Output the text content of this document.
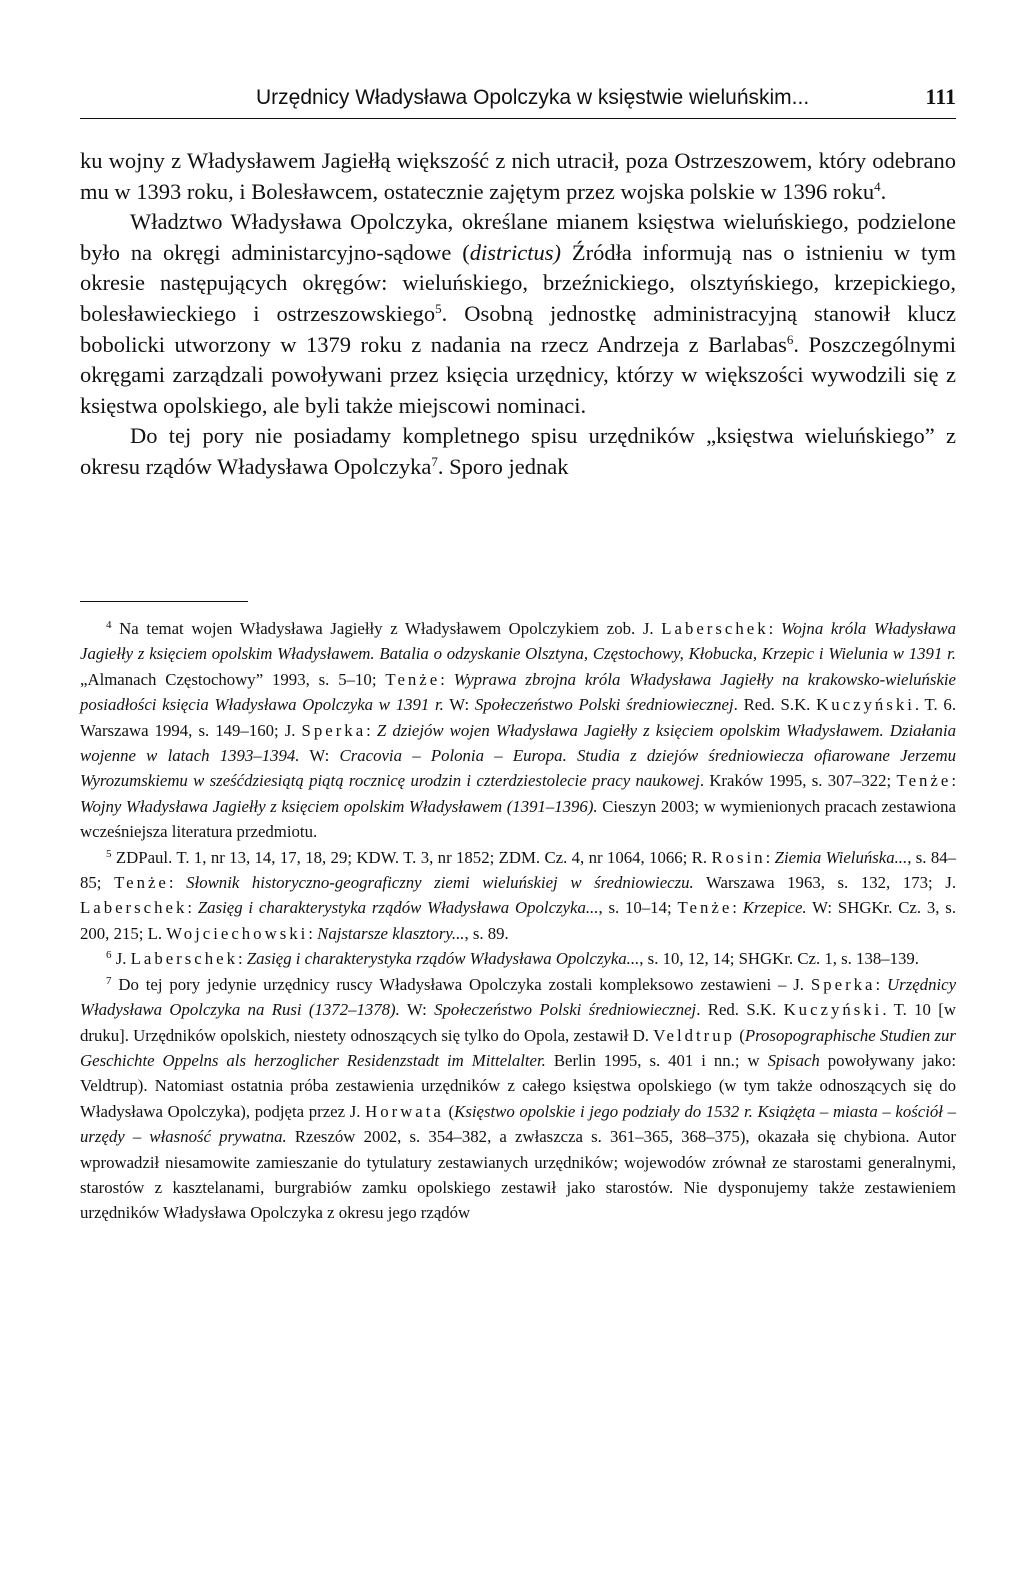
Urzędnicy Władysława Opolczyka w księstwie wieluńskim...	111

ku wojny z Władysławem Jagiełłą większość z nich utracił, poza Ostrzeszowem, który odebrano mu w 1393 roku, i Bolesławcem, ostatecznie zajętym przez wojska polskie w 1396 roku$^4$.

Władztwo Władysława Opolczyka, określane mianem księstwa wieluńskiego, podzielone było na okręgi administarcyjno-sądowe (districtus) Źródła informują nas o istnieniu w tym okresie następujących okręgów: wieluńskiego, brzeźnickiego, olsztyńskiego, krzepickiego, bolesławieckiego i ostrzeszowskiego$^5$. Osobną jednostkę administracyjną stanowił klucz bobolicki utworzony w 1379 roku z nadania na rzecz Andrzeja z Barlabas$^6$. Poszczególnymi okręgami zarządzali powoływani przez księcia urzędnicy, którzy w większości wywodzili się z księstwa opolskiego, ale byli także miejscowi nominaci.

Do tej pory nie posiadamy kompletnego spisu urzędników „księstwa wieluńskiego” z okresu rządów Władysława Opolczyka$^7$. Sporo jednak

$^4$ Na temat wojen Władysława Jagiełły z Władysławem Opolczykiem zob. J. Laberschek: Wojna króla Władysława Jagiełły z księciem opolskim Władysławem. Batalia o odzyskanie Olsztyna, Częstochowy, Kłobucka, Krzepic i Wielunia w 1391 r. „Almanach Częstochowy” 1993, s. 5–10; Tenże: Wyprawa zbrojna króla Władysława Jagiełły na krakowsko-wieluńskie posiadłości księcia Władysława Opolczyka w 1391 r. W: Społeczeństwo Polski średniowiecznej. Red. S.K. Kuczyński. T. 6. Warszawa 1994, s. 149–160; J. Sperka: Z dziejów wojen Władysława Jagiełły z księciem opolskim Władysławem. Działania wojenne w latach 1393–1394. W: Cracovia – Polonia – Europa. Studia z dziejów średniowiecza ofiarowane Jerzemu Wyrozumskiemu w sześćdziesiątą piątą rocznicę urodzin i czterdziestolecie pracy naukowej. Kraków 1995, s. 307–322; Tenże: Wojny Władysława Jagiełły z księciem opolskim Władysławem (1391–1396). Cieszyn 2003; w wymienionych pracach zestawiona wcześniejsza literatura przedmiotu.

$^5$ ZDPaul. T. 1, nr 13, 14, 17, 18, 29; KDW. T. 3, nr 1852; ZDM. Cz. 4, nr 1064, 1066; R. Rosin: Ziemia Wieluńska..., s. 84–85; Tenże: Słownik historyczno-geograficzny ziemi wieluńskiej w średniowieczu. Warszawa 1963, s. 132, 173; J. Laberschek: Zasięg i charakterystyka rządów Władysława Opolczyka..., s. 10–14; Tenże: Krzepice. W: SHGKr. Cz. 3, s. 200, 215; L. Wojciechowski: Najstarsze klasztory..., s. 89.

$^6$ J. Laberschek: Zasięg i charakterystyka rządów Władysława Opolczyka..., s. 10, 12, 14; SHGKr. Cz. 1, s. 138–139.

$^7$ Do tej pory jedynie urzędnicy ruscy Władysława Opolczyka zostali kompleksowo zestawieni – J. Sperka: Urzędnicy Władysława Opolczyka na Rusi (1372–1378). W: Społeczeństwo Polski średniowiecznej. Red. S.K. Kuczyński. T. 10 [w druku]. Urzędników opolskich, niestety odnoszących się tylko do Opola, zestawił D. Veldtrup (Prosopographische Studien zur Geschichte Oppelns als herzoglicher Residenzstadt im Mittelalter. Berlin 1995, s. 401 i nn.; w Spisach powoływany jako: Veldtrup). Natomiast ostatnia próba zestawienia urzędników z całego księstwa opolskiego (w tym także odnoszących się do Władysława Opolczyka), podjęta przez J. Horwata (Księstwo opolskie i jego podziały do 1532 r. Książęta – miasta – kościół – urzędy – własność prywatna. Rzeszów 2002, s. 354–382, a zwłaszcza s. 361–365, 368–375), okazała się chybiona. Autor wprowadził niesamowite zamieszanie do tytulatury zestawianych urzędników; wojewodów zrównał ze starostami generalnymi, starostów z kasztelanami, burgrabiów zamku opolskiego zestawił jako starostów. Nie dysponujemy także zestawieniem urzędników Władysława Opolczyka z okresu jego rządów
